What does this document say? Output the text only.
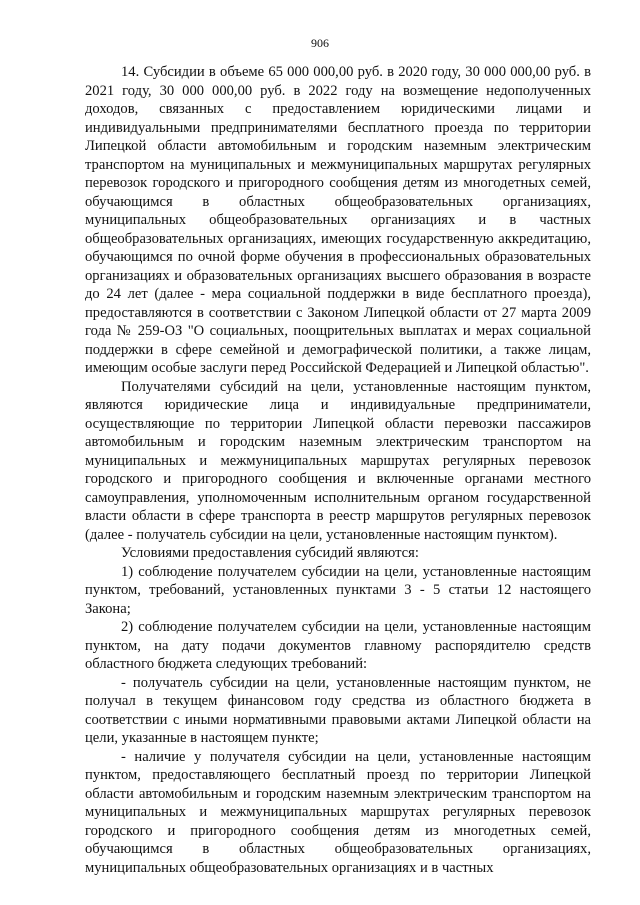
906

14. Субсидии в объеме 65 000 000,00 руб. в 2020 году, 30 000 000,00 руб. в 2021 году, 30 000 000,00 руб. в 2022 году на возмещение недополученных доходов, связанных с предоставлением юридическими лицами и индивидуальными предпринимателями бесплатного проезда по территории Липецкой области автомобильным и городским наземным электрическим транспортом на муниципальных и межмуниципальных маршрутах регулярных перевозок городского и пригородного сообщения детям из многодетных семей, обучающимся в областных общеобразовательных организациях, муниципальных общеобразовательных организациях и в частных общеобразовательных организациях, имеющих государственную аккредитацию, обучающимся по очной форме обучения в профессиональных образовательных организациях и образовательных организациях высшего образования в возрасте до 24 лет (далее - мера социальной поддержки в виде бесплатного проезда), предоставляются в соответствии с Законом Липецкой области от 27 марта 2009 года № 259-ОЗ "О социальных, поощрительных выплатах и мерах социальной поддержки в сфере семейной и демографической политики, а также лицам, имеющим особые заслуги перед Российской Федерацией и Липецкой областью".

Получателями субсидий на цели, установленные настоящим пунктом, являются юридические лица и индивидуальные предприниматели, осуществляющие по территории Липецкой области перевозки пассажиров автомобильным и городским наземным электрическим транспортом на муниципальных и межмуниципальных маршрутах регулярных перевозок городского и пригородного сообщения и включенные органами местного самоуправления, уполномоченным исполнительным органом государственной власти области в сфере транспорта в реестр маршрутов регулярных перевозок (далее - получатель субсидии на цели, установленные настоящим пунктом).

Условиями предоставления субсидий являются:

1) соблюдение получателем субсидии на цели, установленные настоящим пунктом, требований, установленных пунктами 3 - 5 статьи 12 настоящего Закона;

2) соблюдение получателем субсидии на цели, установленные настоящим пунктом, на дату подачи документов главному распорядителю средств областного бюджета следующих требований:

- получатель субсидии на цели, установленные настоящим пунктом, не получал в текущем финансовом году средства из областного бюджета в соответствии с иными нормативными правовыми актами Липецкой области на цели, указанные в настоящем пункте;

- наличие у получателя субсидии на цели, установленные настоящим пунктом, предоставляющего бесплатный проезд по территории Липецкой области автомобильным и городским наземным электрическим транспортом на муниципальных и межмуниципальных маршрутах регулярных перевозок городского и пригородного сообщения детям из многодетных семей, обучающимся в областных общеобразовательных организациях, муниципальных общеобразовательных организациях и в частных
